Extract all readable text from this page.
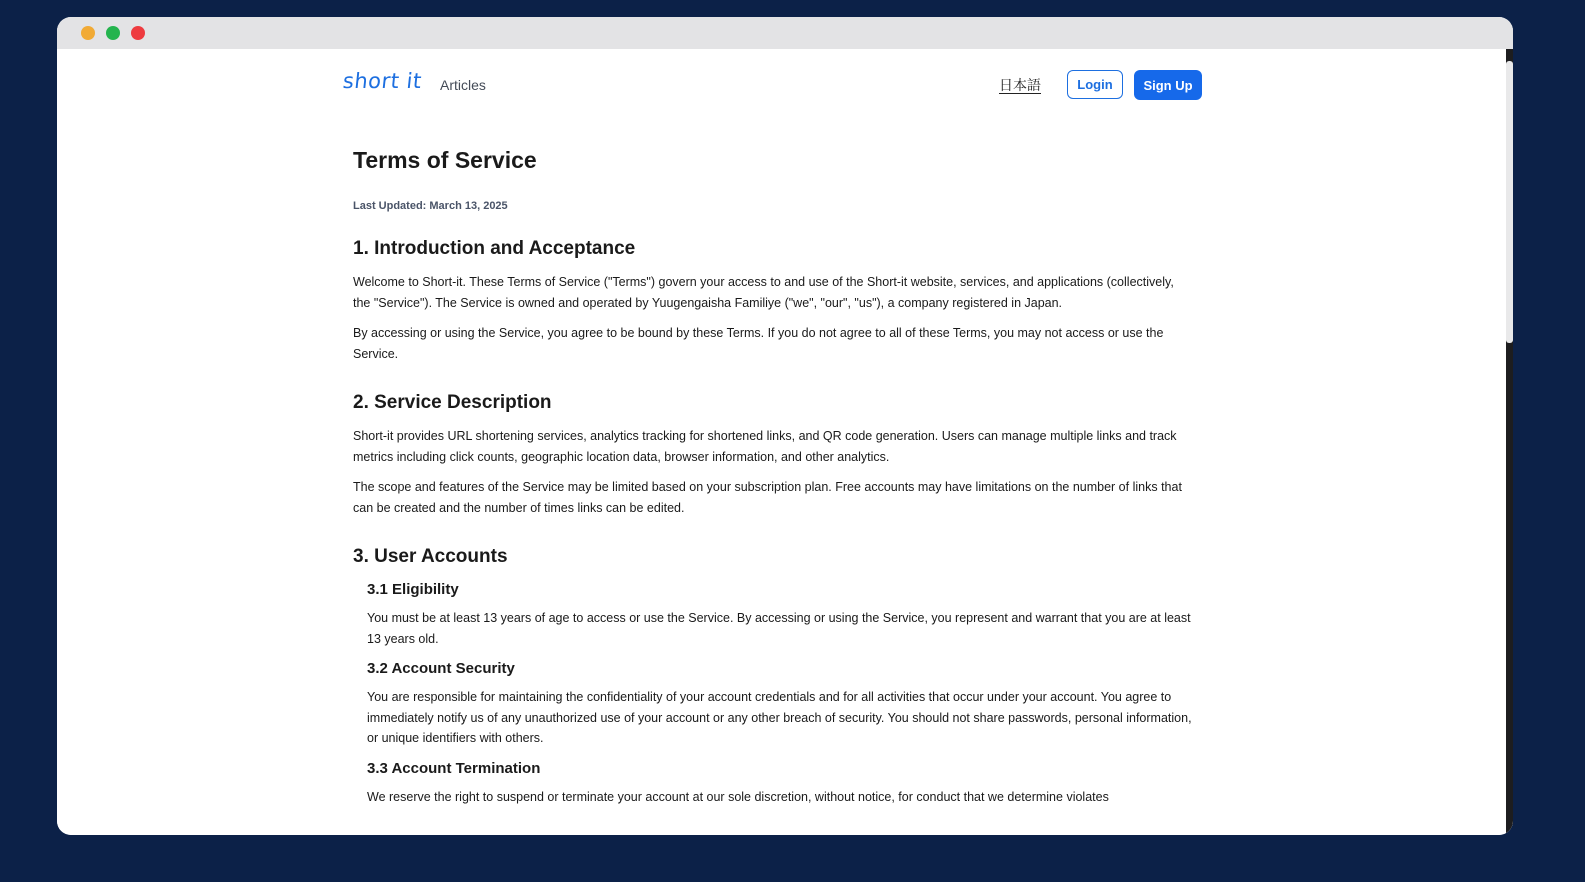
short it Articles	日本語	Login	Sign Up
Terms of Service
Last Updated: March 13, 2025
1. Introduction and Acceptance

Welcome to Short-it. These Terms of Service ("Terms") govern your access to and use of the Short-it website, services, and applications (collectively, the "Service"). The Service is owned and operated by Yuugengaisha Familiye ("we", "our", "us"), a company registered in Japan.

By accessing or using the Service, you agree to be bound by these Terms. If you do not agree to all of these Terms, you may not access or use the Service.

2. Service Description

Short-it provides URL shortening services, analytics tracking for shortened links, and QR code generation. Users can manage multiple links and track metrics including click counts, geographic location data, browser information, and other analytics.

The scope and features of the Service may be limited based on your subscription plan. Free accounts may have limitations on the number of links that can be created and the number of times links can be edited.

3. User Accounts
3.1 Eligibility

You must be at least 13 years of age to access or use the Service. By accessing or using the Service, you represent and warrant that you are at least 13 years old.

3.2 Account Security

You are responsible for maintaining the confidentiality of your account credentials and for all activities that occur under your account. You agree to immediately notify us of any unauthorized use of your account or any other breach of security. You should not share passwords, personal information, or unique identifiers with others.

3.3 Account Termination

We reserve the right to suspend or terminate your account at our sole discretion, without notice, for conduct that we determine violates
